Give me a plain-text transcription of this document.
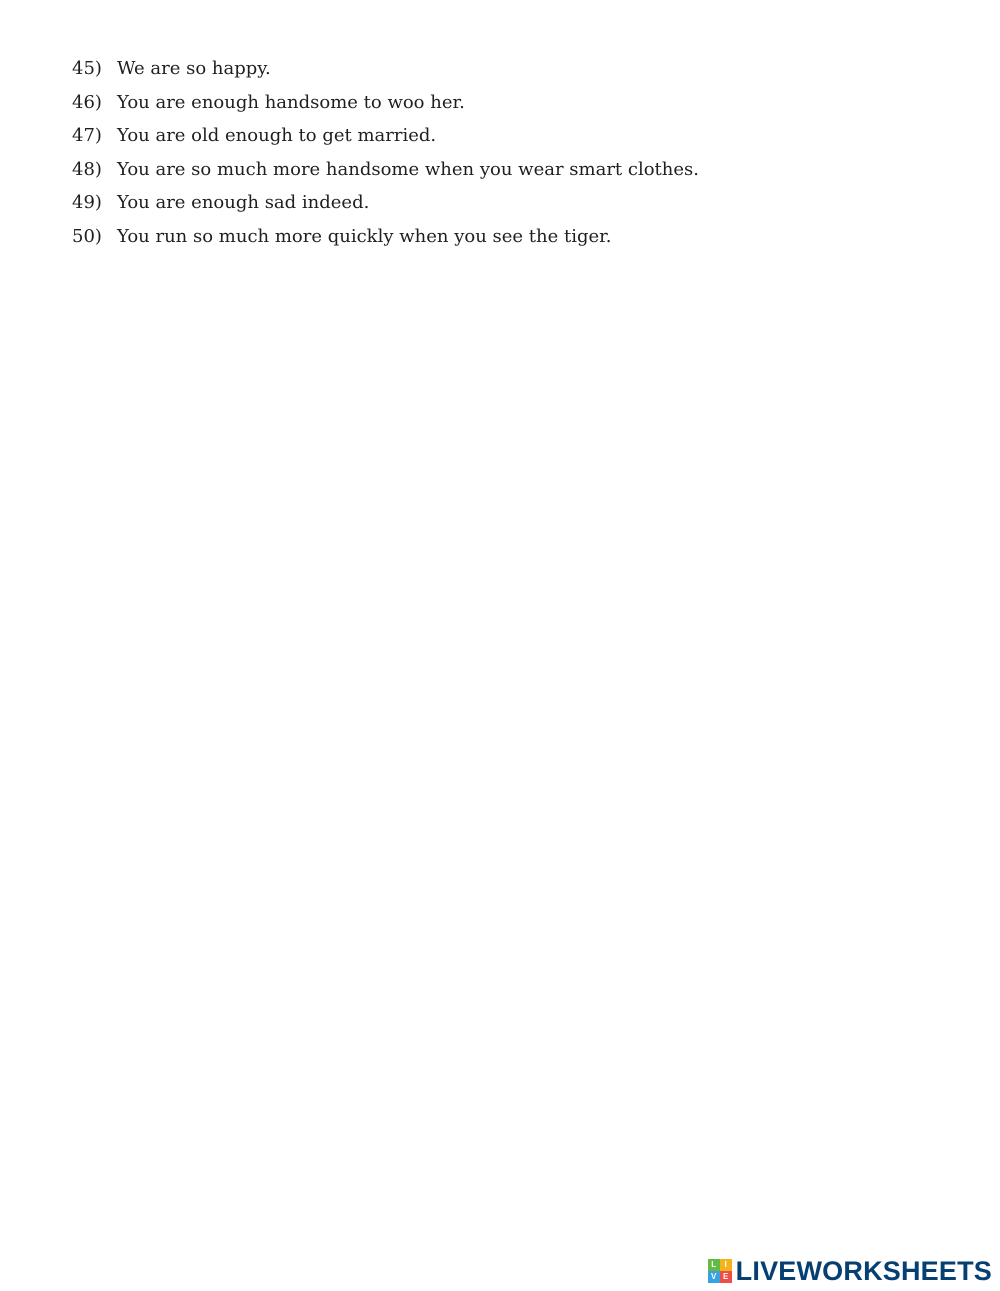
45) We are so happy.
46) You are enough handsome to woo her.
47) You are old enough to get married.
48) You are so much more handsome when you wear smart clothes.
49) You are enough sad indeed.
50) You run so much more quickly when you see the tiger.
L	I
V E LIVEWORKSHEETS
